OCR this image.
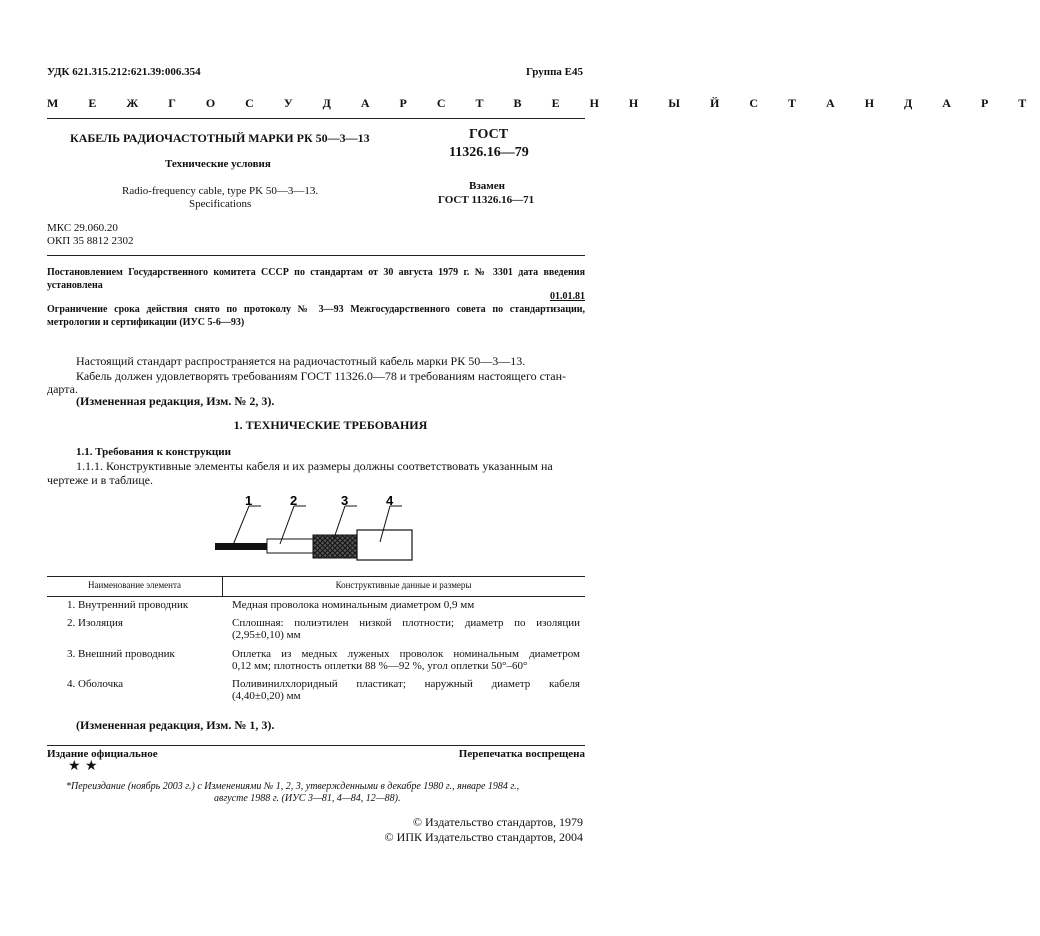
УДК 621.315.212:621.39:006.354	Группа Е45
М Е Ж Г О С У Д А Р С Т В Е Н Н Ы Й С Т А Н Д А Р Т
КАБЕЛЬ РАДИОЧАСТОТНЫЙ МАРКИ РК 50—3—13
Технические условия
Radio-frequency cable, type PK 50—3—13.
Specifications
ГОСТ
11326.16—79
Взамен
ГОСТ 11326.16—71
МКС 29.060.20
ОКП 35 8812 2302
Постановлением Государственного комитета СССР по стандартам от 30 августа 1979 г. № 3301 дата введения установлена
01.01.81
Ограничение срока действия снято по протоколу № 3—93 Межгосударственного совета по стандартизации, метрологии и сертификации (ИУС 5-6—93)
Настоящий стандарт распространяется на радиочастотный кабель марки РК 50—3—13.
Кабель должен удовлетворять требованиям ГОСТ 11326.0—78 и требованиям настоящего стан-
дарта.
(Измененная редакция, Изм. № 2, 3).
1. ТЕХНИЧЕСКИЕ ТРЕБОВАНИЯ
1.1. Требования к конструкции
1.1.1. Конструктивные элементы кабеля и их размеры должны соответствовать указанным на
чертеже и в таблице.
1	2	3	4
Наименование элемента	Конструктивные данные и размеры
1. Внутренний проводник	Медная проволока номинальным диаметром 0,9 мм
2. Изоляция	Сплошная: полиэтилен низкой плотности; диаметр по изоляции
(2,95±0,10) мм
3. Внешний проводник	Оплетка из медных луженых проволок номинальным диаметром
0,12 мм; плотность оплетки 88 %—92 %, угол оплетки 50°–60°
4. Оболочка	Поливинилхлоридный пластикат; наружный диаметр кабеля
(4,40±0,20) мм
(Измененная редакция, Изм. № 1, 3).
Издание официальное	Перепечатка воспрещена
★ ★
*Переиздание (ноябрь 2003 г.) с Изменениями № 1, 2, 3, утвержденными в декабре 1980 г., январе 1984 г.,
августе 1988 г. (ИУС 3—81, 4—84, 12—88).
© Издательство стандартов, 1979
© ИПК Издательство стандартов, 2004
